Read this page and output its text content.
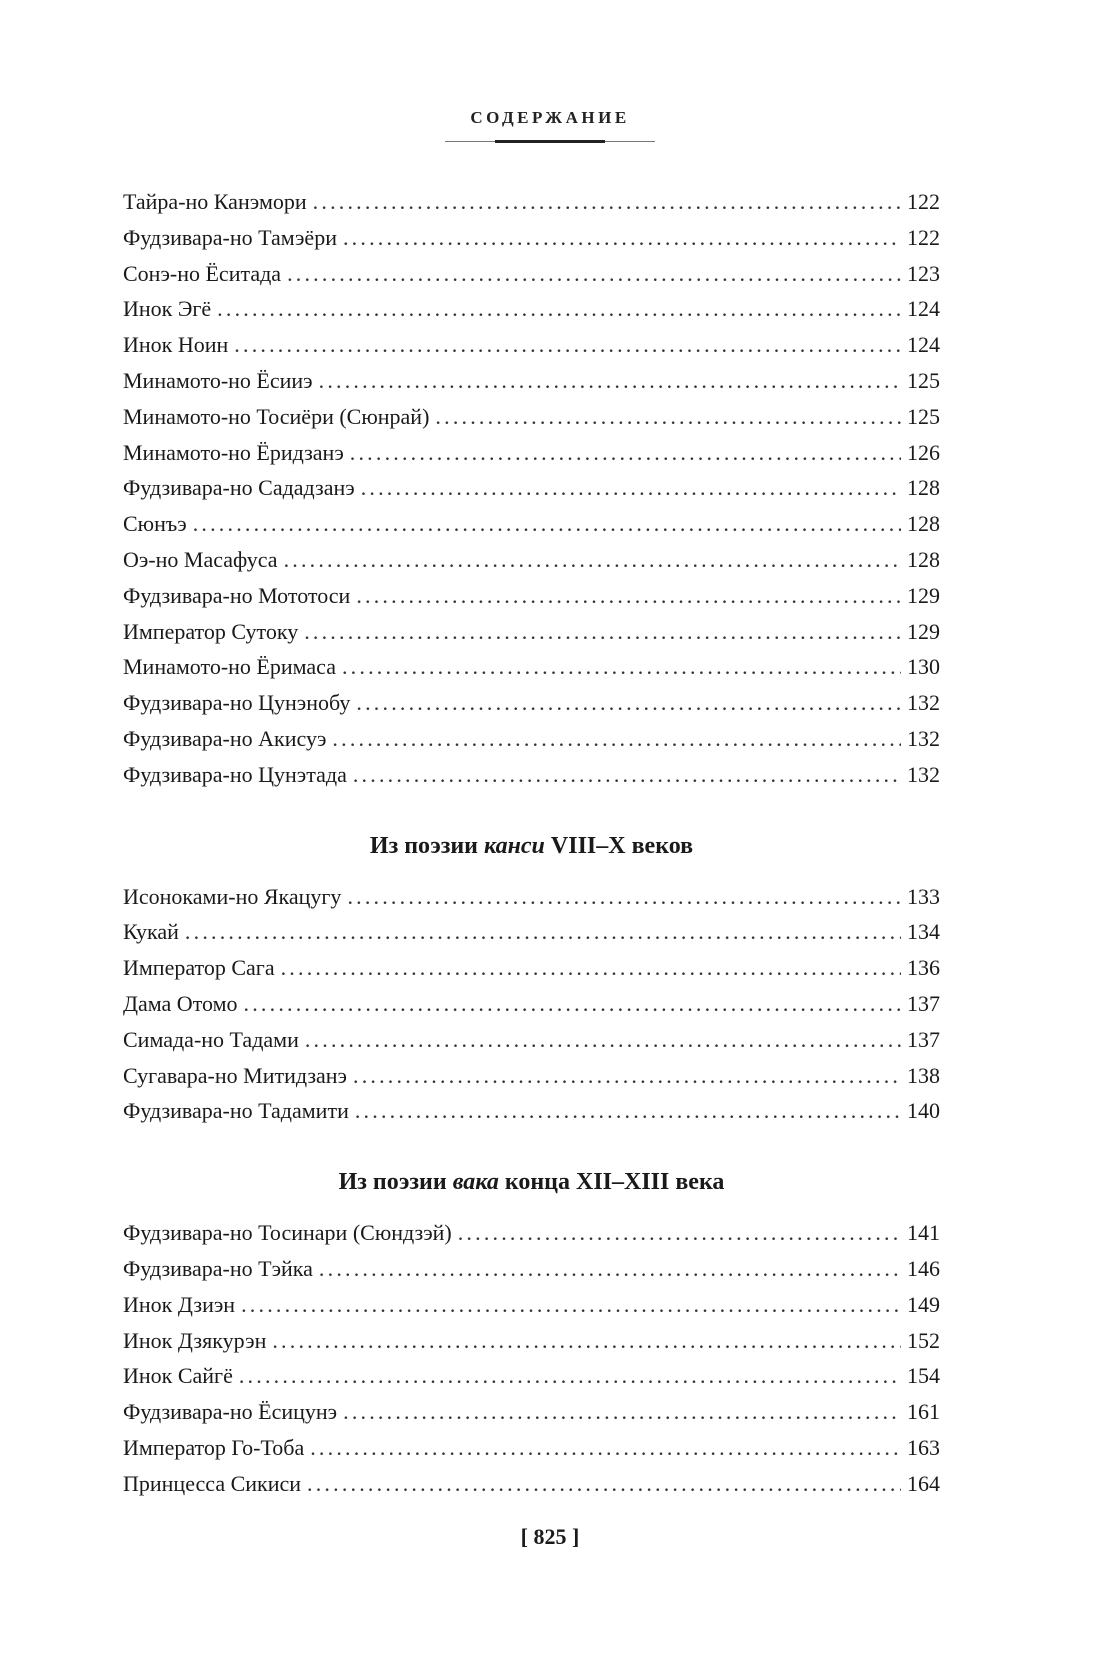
СОДЕРЖАНИЕ
Тайра-но Канэмори .....	122
Фудзивара-но Тамэёри .....	122
Сонэ-но Ёситада .....	123
Инок Эгё .....	124
Инок Ноин .....	124
Минамото-но Ёсииэ .....	125
Минамото-но Тосиёри (Сюнрай) .....	125
Минамото-но Ёридзанэ .....	126
Фудзивара-но Сададзанэ .....	128
Сюнъэ .....	128
Оэ-но Масафуса .....	128
Фудзивара-но Мототоси .....	129
Император Сутоку .....	129
Минамото-но Ёримаса .....	130
Фудзивара-но Цунэнобу .....	132
Фудзивара-но Акисуэ .....	132
Фудзивара-но Цунэтада .....	132
Из поэзии канси VIII–X веков
Исоноками-но Якацугу .....	133
Кукай .....	134
Император Сага .....	136
Дама Отомо .....	137
Симада-но Тадами .....	137
Сугавара-но Митидзанэ .....	138
Фудзивара-но Тадамити .....	140
Из поэзии вака конца XII–XIII века
Фудзивара-но Тосинари (Сюндзэй) .....	141
Фудзивара-но Тэйка .....	146
Инок Дзиэн .....	149
Инок Дзякурэн .....	152
Инок Сайгё .....	154
Фудзивара-но Ёсицунэ .....	161
Император Го-Тоба .....	163
Принцесса Сикиси .....	164
[ 825 ]
